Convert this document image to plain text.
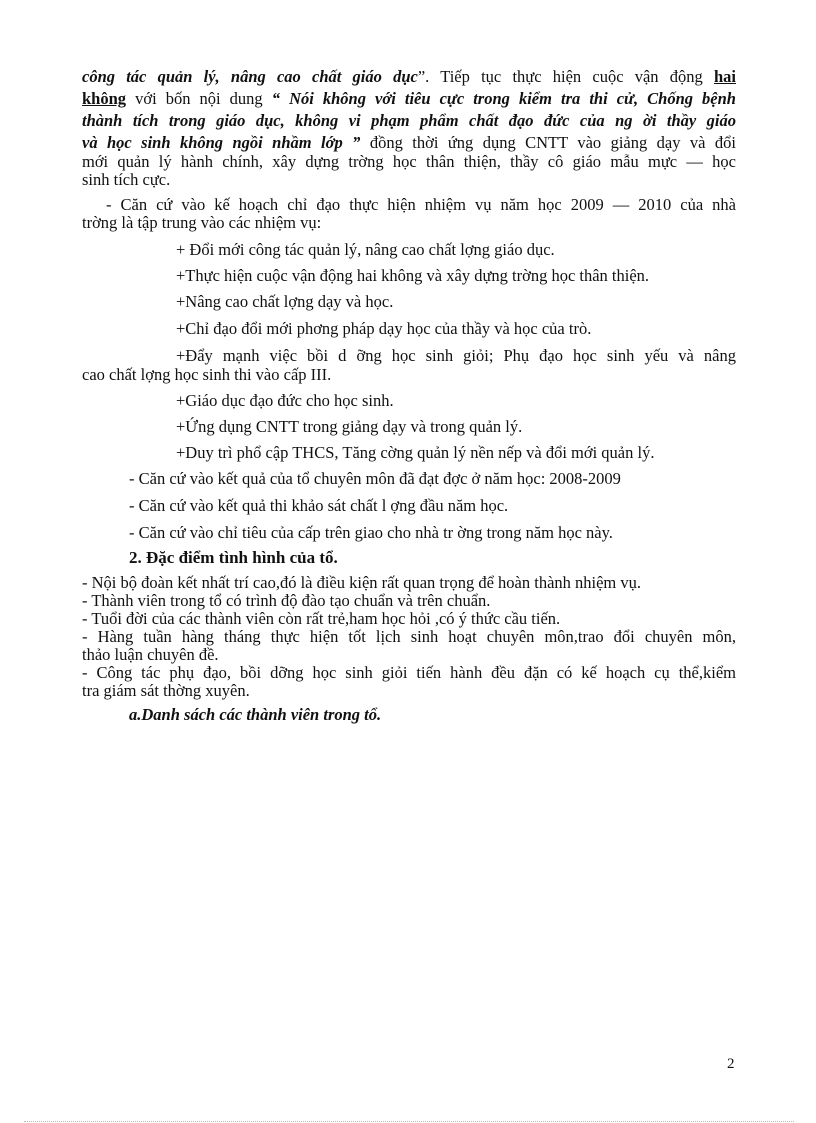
công tác quản lý, nâng cao chất giáo dục”. Tiếp tục thực hiện cuộc vận động hai
không với bốn nội dung “ Nói không với tiêu cực trong kiểm tra thi cử, Chống bệnh
thành tích trong giáo dục, không vi phạm phẩm chất đạo đức của ng ời thầy giáo
và học sinh không ngồi nhầm lớp ” đồng thời ứng dụng CNTT vào giảng dạy và đổi
mới quản lý hành chính, xây dựng trờng học thân thiện, thầy cô giáo mẫu mực — học
sinh tích cực.
- Căn cứ vào kế hoạch chỉ đạo thực hiện nhiệm vụ năm học 2009 — 2010 của nhà
trờng là tập trung vào các nhiệm vụ:
+ Đổi mới công tác quản lý, nâng cao chất lợng giáo dục.
+Thực hiện cuộc vận động hai không và xây dựng trờng học thân thiện.
+Nâng cao chất lợng dạy và học.
+Chỉ đạo đổi mới phơng pháp dạy học của thầy và học của trò.
+Đẩy mạnh việc bồi d ỡng học sinh giỏi; Phụ đạo học sinh yếu và nâng
cao chất lợng học sinh thi vào cấp III.
+Giáo dục đạo đức cho học sinh.
+Ứng dụng CNTT trong giảng dạy và trong quản lý.
+Duy trì phổ cập THCS, Tăng cờng quản lý nền nếp và đổi mới quản lý.
- Căn cứ vào kết quả của tổ chuyên môn đã đạt đợc ở năm học: 2008-2009
- Căn cứ vào kết quả thi khảo sát chất l ợng đầu năm học.
- Căn cứ vào chỉ tiêu của cấp trên giao cho nhà tr ờng trong năm học này.
2. Đặc điểm tình hình của tổ.
- Nội bộ đoàn kết nhất trí cao,đó là điều kiện rất quan trọng để hoàn thành nhiệm vụ.
- Thành viên trong tổ có trình độ đào tạo chuẩn và trên chuẩn.
- Tuổi đời của các thành viên còn rất trẻ,ham học hỏi ,có ý thức cầu tiến.
- Hàng tuần hàng tháng thực hiện tốt lịch sinh hoạt chuyên môn,trao đổi chuyên môn,
thảo luận chuyên đề.
- Công tác phụ đạo, bồi dỡng học sinh giỏi tiến hành đều đặn có kế hoạch cụ thể,kiểm
tra giám sát thờng xuyên.
a.Danh sách các thành viên trong tổ.
2
